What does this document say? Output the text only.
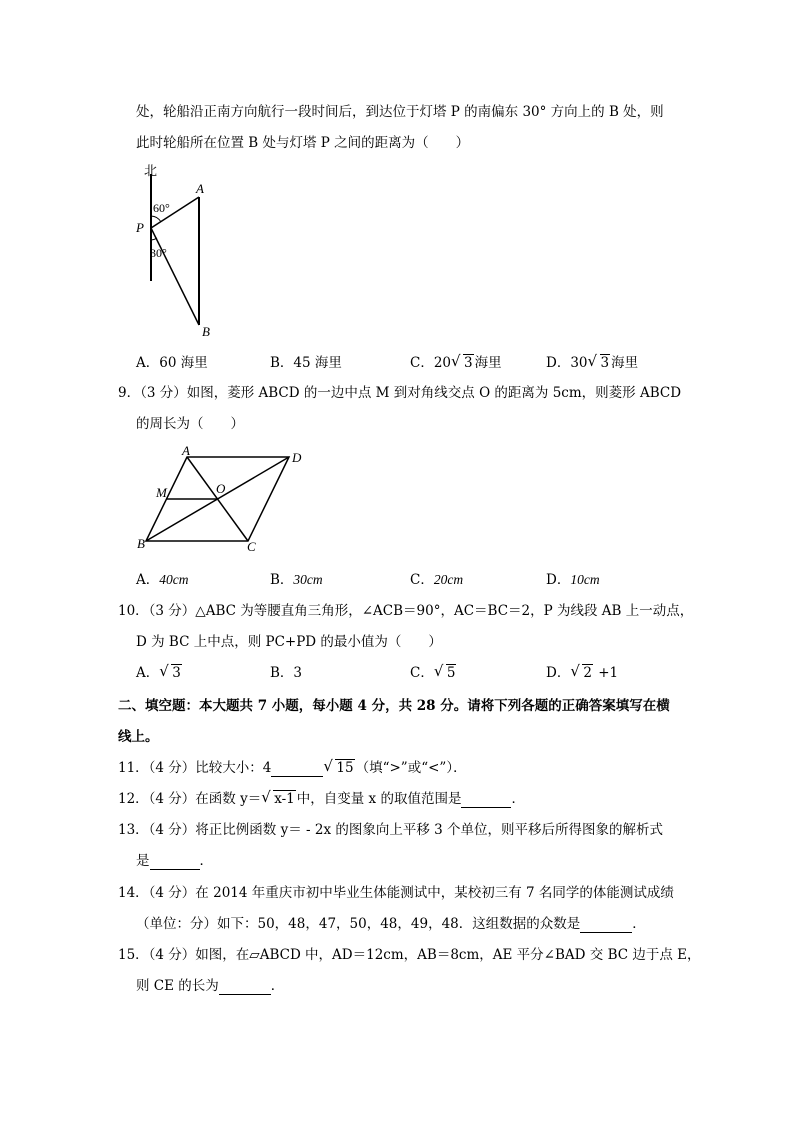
处，轮船沿正南方向航行一段时间后，到达位于灯塔 P 的南偏东 30° 方向上的 B 处，则
此时轮船所在位置 B 处与灯塔 P 之间的距离为（　　）
北
A
P
B
60°
30°
A．60 海里	B．45 海里	C．20 √ 3 海里	D．30 √ 3 海里
9．（3 分）如图，菱形 ABCD 的一边中点 M 到对角线交点 O 的距离为 5cm，则菱形 ABCD
的周长为（　　）
A	D
M	O
B	C
A．40cm	B．30cm	C．20cm	D．10cm
10．（3 分）△ABC 为等腰直角三角形，∠ACB＝90°，AC＝BC＝2，P 为线段 AB 上一动点，
D 为 BC 上中点，则 PC+PD 的最小值为（　　）
A． √ 3	B．3	C． √ 5	D． √ 2 +1
二、填空题：本大题共 7 小题，每小题 4 分，共 28 分。请将下列各题的正确答案填写在横
线上。
11．（4 分）比较大小：4	√ 15 （填“>”或“<”）．
12．（4 分）在函数 y＝ √ x-1 中，自变量 x 的取值范围是	．
13．（4 分）将正比例函数 y＝ - 2x 的图象向上平移 3 个单位，则平移后所得图象的解析式
是	．
14．（4 分）在 2014 年重庆市初中毕业生体能测试中，某校初三有 7 名同学的体能测试成绩
（单位：分）如下：50，48，47，50，48，49，48．这组数据的众数是	．
15．（4 分）如图，在▱ABCD 中，AD＝12cm，AB＝8cm，AE 平分∠BAD 交 BC 边于点 E，
则 CE 的长为	．
